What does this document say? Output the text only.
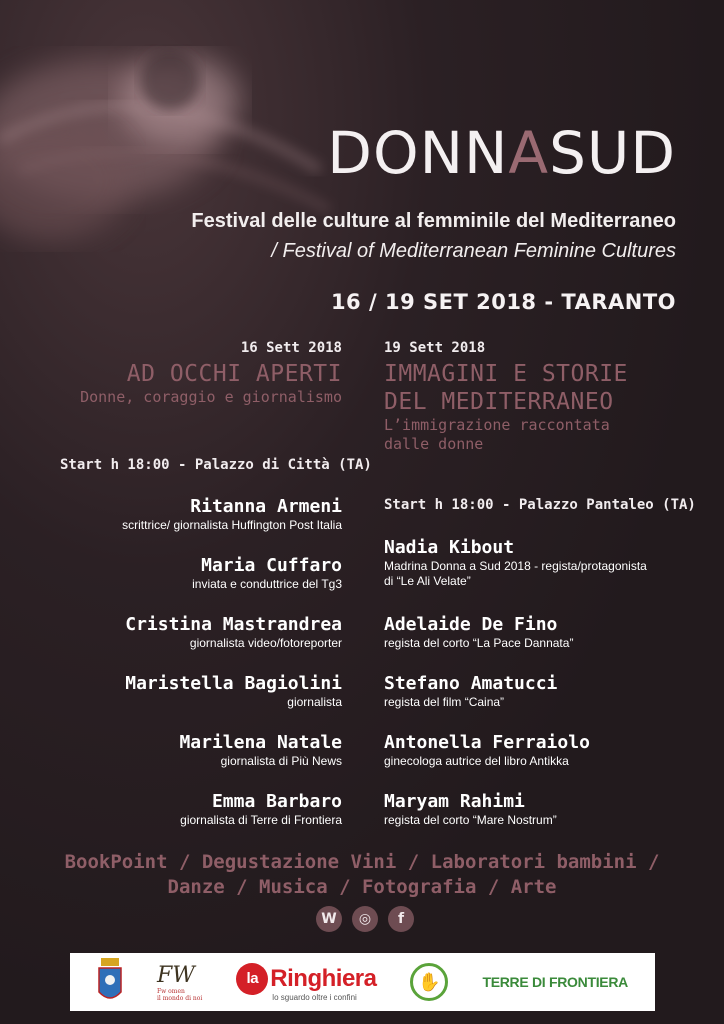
DONNASUD
Festival delle culture al femminile del Mediterraneo
/ Festival of Mediterranean Feminine Cultures
16 / 19 SET 2018 - TARANTO
16 Sett 2018
AD OCCHI APERTI
Donne, coraggio e giornalismo
19 Sett 2018
IMMAGINI E STORIE
DEL MEDITERRANEO
L’immigrazione raccontata
dalle donne
Start h 18:00 - Palazzo di Città (TA)
Start h 18:00 - Palazzo Pantaleo (TA)
Ritanna Armeni
scrittrice/ giornalista Huffington Post Italia
Maria Cuffaro
inviata e conduttrice del Tg3
Cristina Mastrandrea
giornalista video/fotoreporter
Maristella Bagiolini
giornalista
Marilena Natale
giornalista di Più News
Emma Barbaro
giornalista di Terre di Frontiera
Nadia Kibout
Madrina Donna a Sud 2018 - regista/protagonista
di “Le Ali Velate”
Adelaide De Fino
regista del corto “La Pace Dannata”
Stefano Amatucci
regista del film “Caina”
Antonella Ferraiolo
ginecologa autrice del libro Antikka
Maryam Rahimi
regista del corto “Mare Nostrum”
BookPoint / Degustazione Vini / Laboratori bambini /
Danze / Musica / Fotografia / Arte
W	◎	f
FW
Fw omen
il mondo di noi
la Ringhiera
lo sguardo oltre i confini
✋	TERRE DI FRONTIERA
